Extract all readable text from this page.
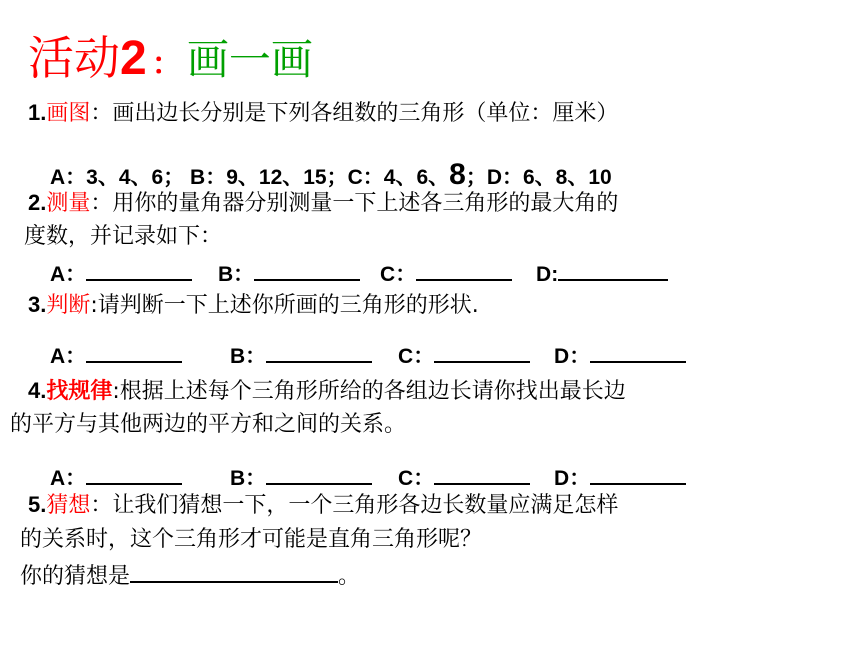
活动2 ： 画一画
1.画图：画出边长分别是下列各组数的三角形（单位：厘米）
A：3、4、6； B：9、12、15；C：4、6、8；D：6、8、10
2.测量：用你的量角器分别测量一下上述各三角形的最大角的
度数，并记录如下：
A：	B：	C：	D:
3.判断:请判断一下上述你所画的三角形的形状.
A：	B：	C：	D：
4.找规律:根据上述每个三角形所给的各组边长请你找出最长边
的平方与其他两边的平方和之间的关系。
A：	B：	C：	D：
5.猜想：让我们猜想一下，一个三角形各边长数量应满足怎样
的关系时，这个三角形才可能是直角三角形呢？
你的猜想是	。
